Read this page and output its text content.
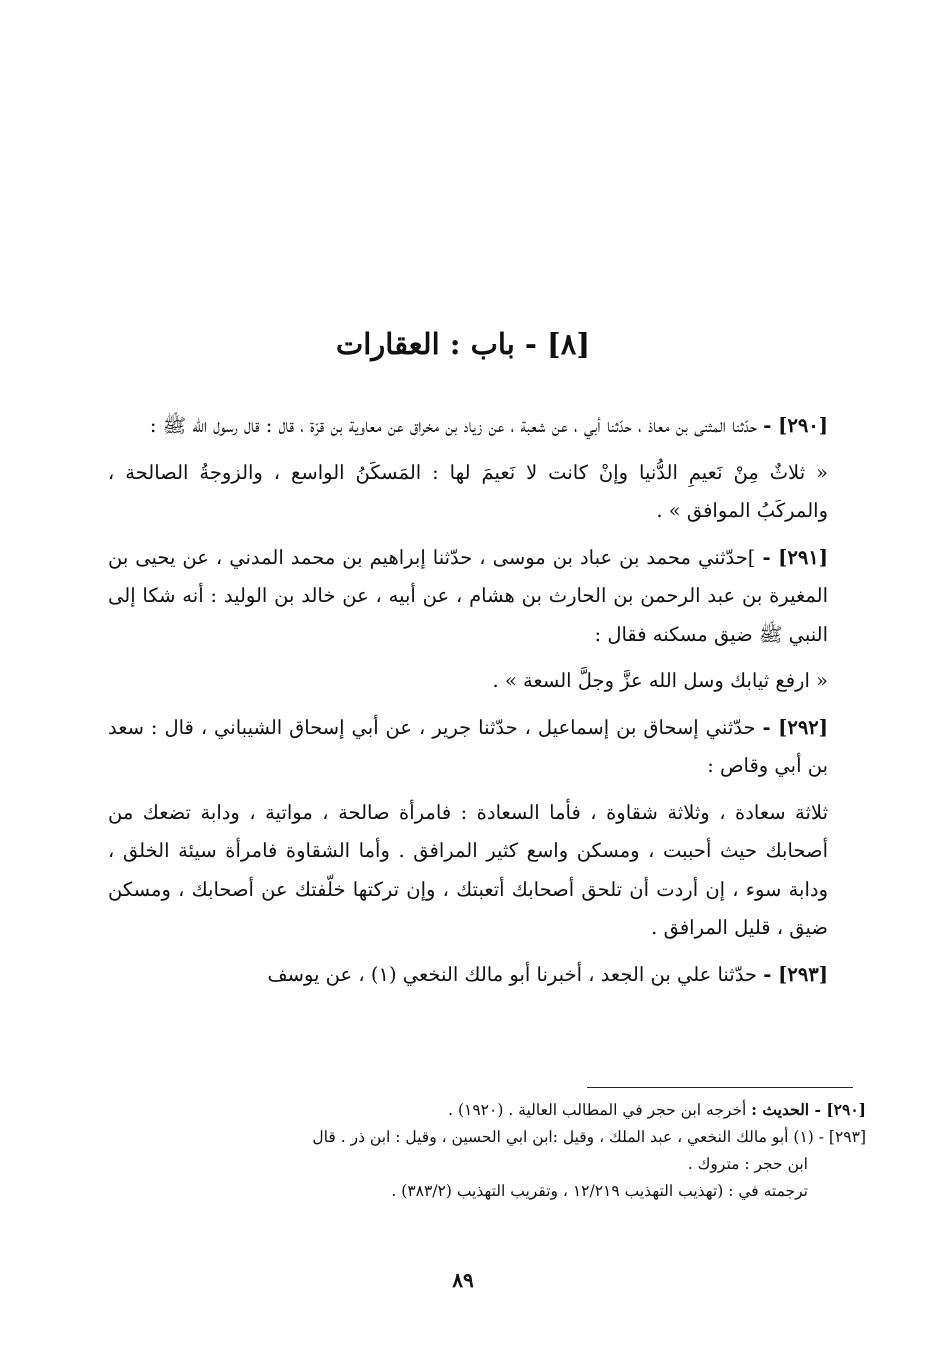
[٨] - باب : العقارات

[٢٩٠] - حدّثنا المثنى بن معاذ ، حدّثنا أبي ، عن شعبة ، عن زياد بن مخراق عن معاوية بن قرّة ، قال : قال رسول الله ﷺ :

« ثلاثٌ مِنْ نَعيمِ الدُّنيا وإنْ كانت لا نَعيمَ لها : المَسكَنُ الواسع ، والزوجةُ الصالحة ، والمركَبُ الموافق » .

[٢٩١] - ]حدّثني محمد بن عباد بن موسى ، حدّثنا إبراهيم بن محمد المدني ، عن يحيى بن المغيرة بن عبد الرحمن بن الحارث بن هشام ، عن أبيه ، عن خالد بن الوليد : أنه شكا إلى النبي ﷺ ضيق مسكنه فقال :

« ارفع ثيابك وسل الله عزَّ وجلَّ السعة » .

[٢٩٢] - حدّثني إسحاق بن إسماعيل ، حدّثنا جرير ، عن أبي إسحاق الشيباني ، قال : سعد بن أبي وقاص :

ثلاثة سعادة ، وثلاثة شقاوة ، فأما السعادة : فامرأة صالحة ، مواتية ، ودابة تضعك من أصحابك حيث أحببت ، ومسكن واسع كثير المرافق . وأما الشقاوة فامرأة سيئة الخلق ، ودابة سوء ، إن أردت أن تلحق أصحابك أتعبتك ، وإن تركتها خلّفتك عن أصحابك ، ومسكن ضيق ، قليل المرافق .

[٢٩٣] - حدّثنا علي بن الجعد ، أخبرنا أبو مالك النخعي (١) ، عن يوسف

[٢٩٠] - الحديث : أخرجه ابن حجر في المطالب العالية . (١٩٢٠) .

[٢٩٣] - (١) أبو مالك النخعي ، عبد الملك ، وقيل :ابن ابي الحسين ، وقيل : ابن ذر . قال

ابن حجر : متروك .

ترجمته في : (تهذيب التهذيب ١٢/٢١٩ ، وتقريب التهذيب (٣٨٣/٢) .

٨٩
